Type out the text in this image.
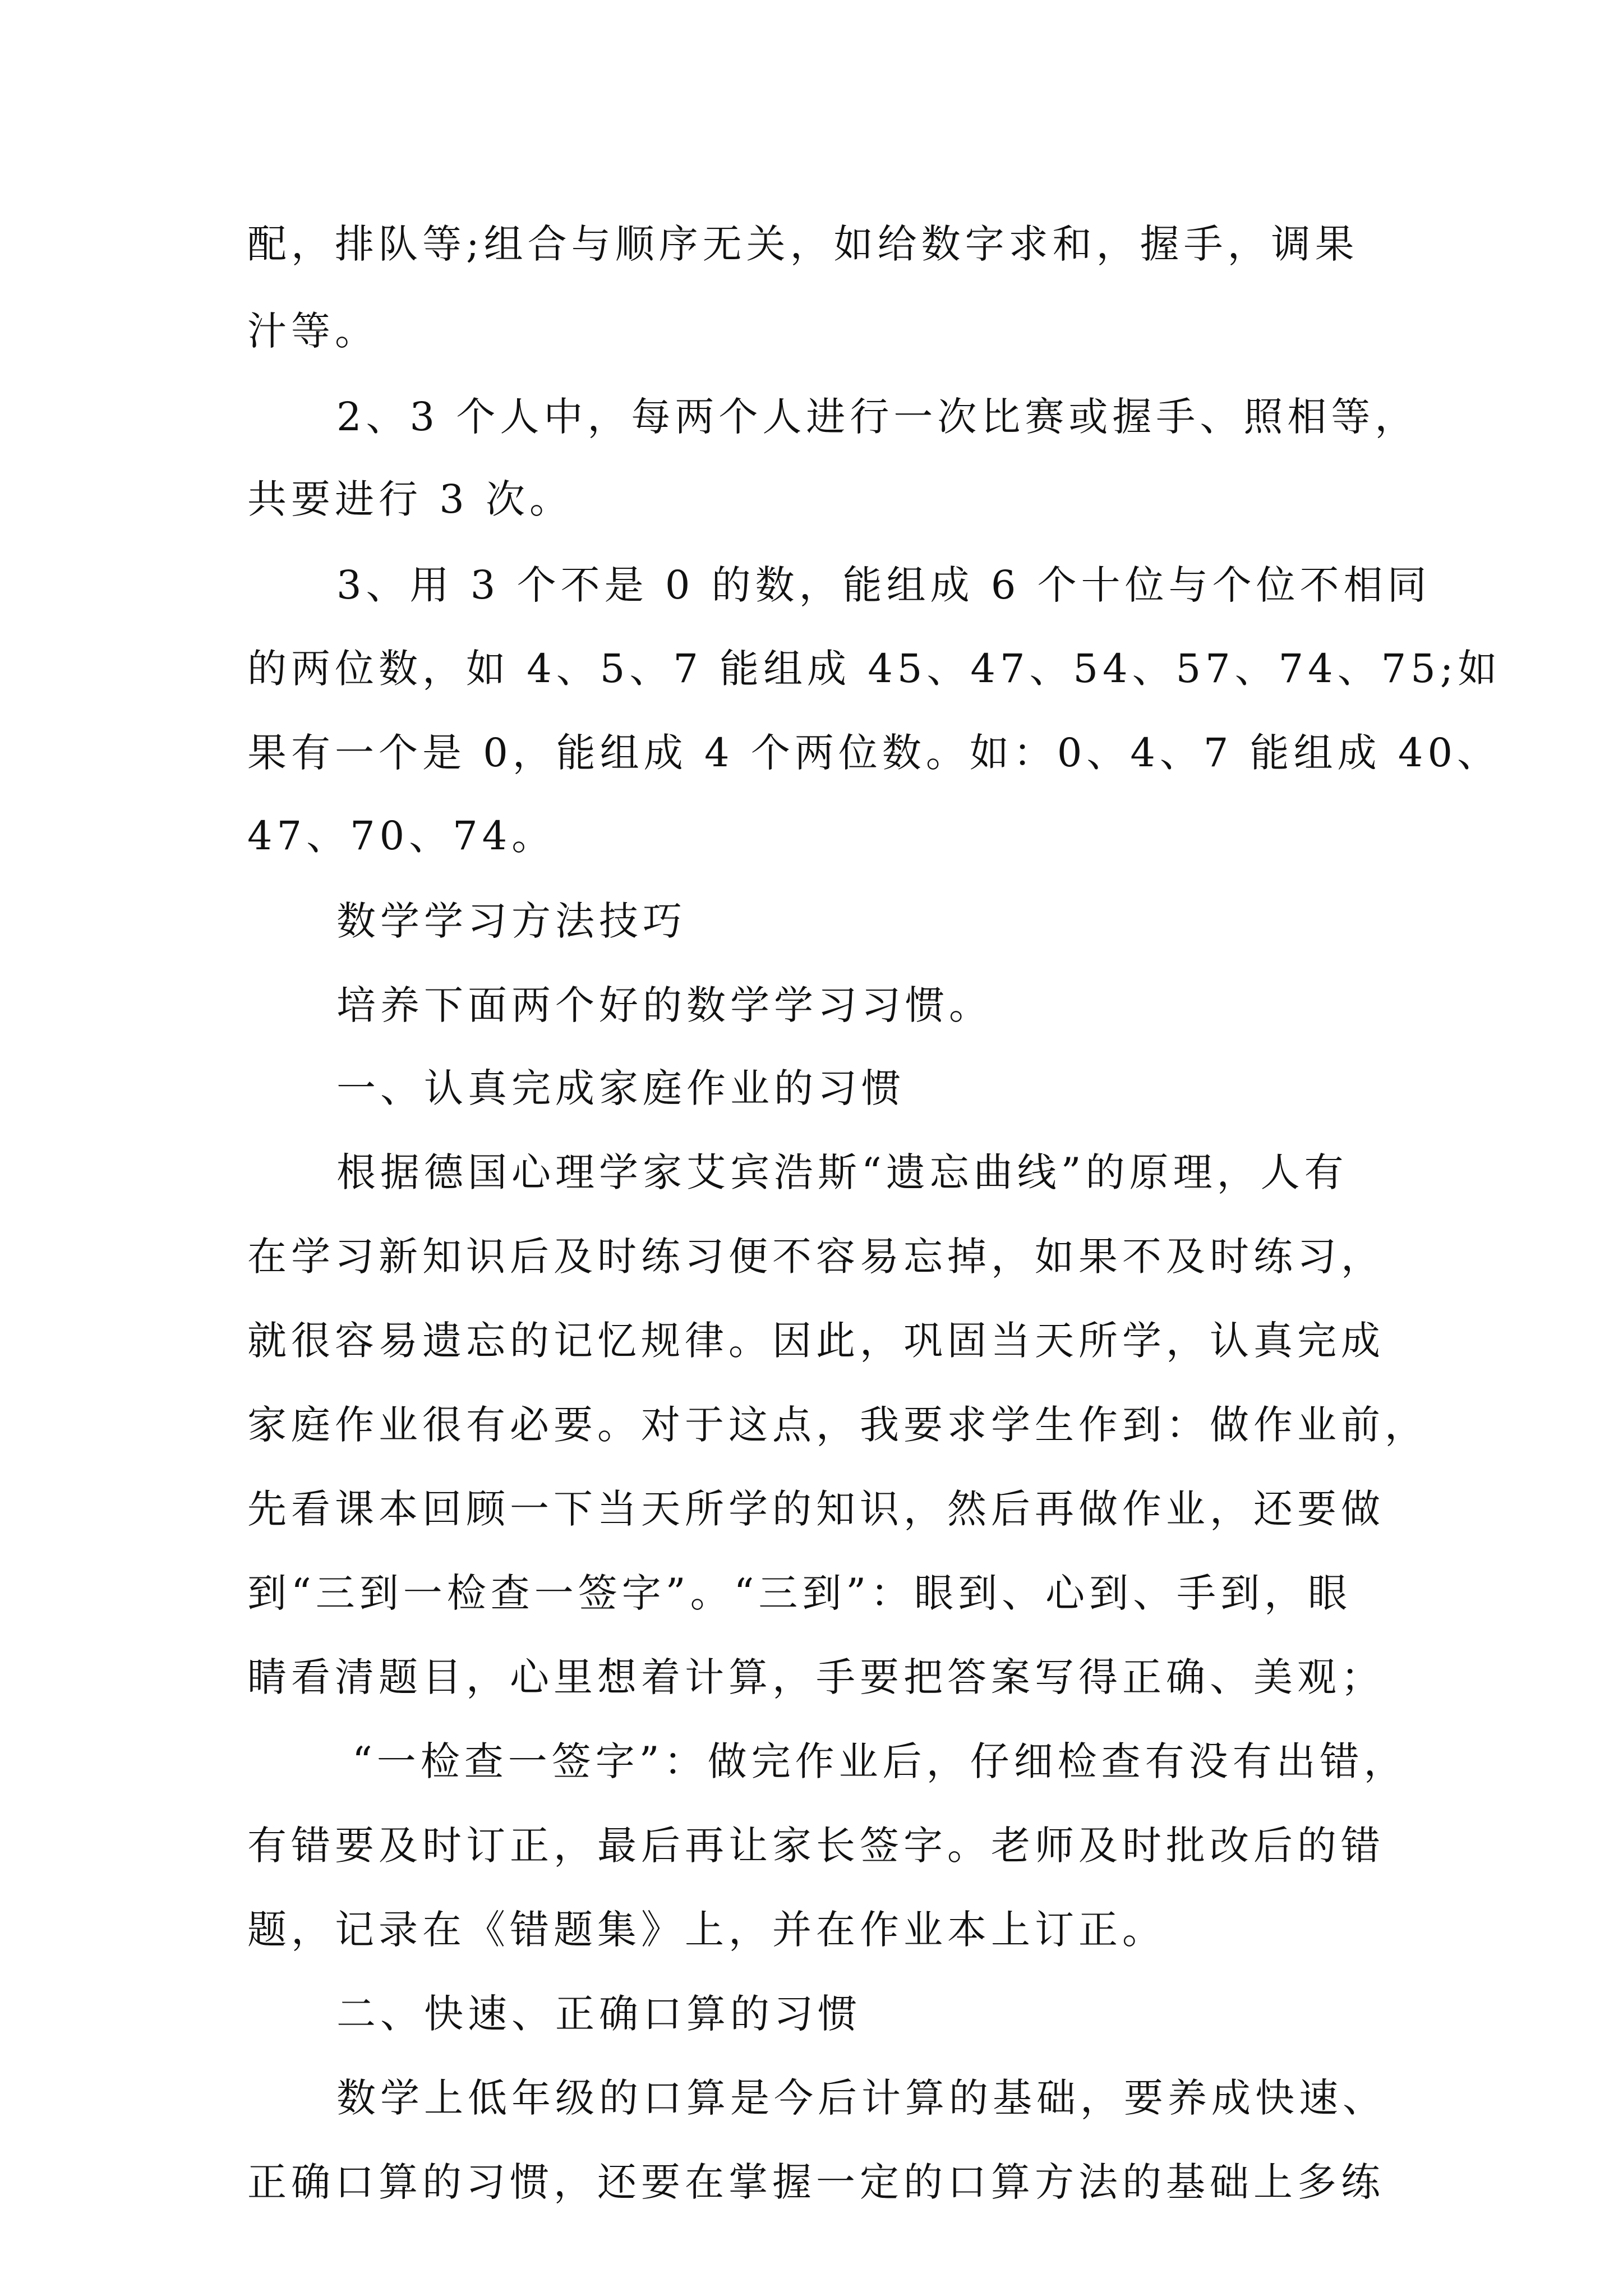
配，排队等;组合与顺序无关，如给数字求和，握手，调果
汁等。
2、3 个人中，每两个人进行一次比赛或握手、照相等，
共要进行 3 次。
3、用 3 个不是 0 的数，能组成 6 个十位与个位不相同
的两位数，如 4、5、7 能组成 45、47、54、57、74、75;如
果有一个是 0，能组成 4 个两位数。如：0、4、7 能组成 40、
47、70、74。
数学学习方法技巧
培养下面两个好的数学学习习惯。
一、认真完成家庭作业的习惯
根据德国心理学家艾宾浩斯“遗忘曲线”的原理，人有
在学习新知识后及时练习便不容易忘掉，如果不及时练习，
就很容易遗忘的记忆规律。因此，巩固当天所学，认真完成
家庭作业很有必要。对于这点，我要求学生作到：做作业前，
先看课本回顾一下当天所学的知识，然后再做作业，还要做
到“三到一检查一签字”。“三到”：眼到、心到、手到，眼
睛看清题目，心里想着计算，手要把答案写得正确、美观；
“一检查一签字”：做完作业后，仔细检查有没有出错，
有错要及时订正，最后再让家长签字。老师及时批改后的错
题，记录在《错题集》上，并在作业本上订正。
二、快速、正确口算的习惯
数学上低年级的口算是今后计算的基础，要养成快速、
正确口算的习惯，还要在掌握一定的口算方法的基础上多练
